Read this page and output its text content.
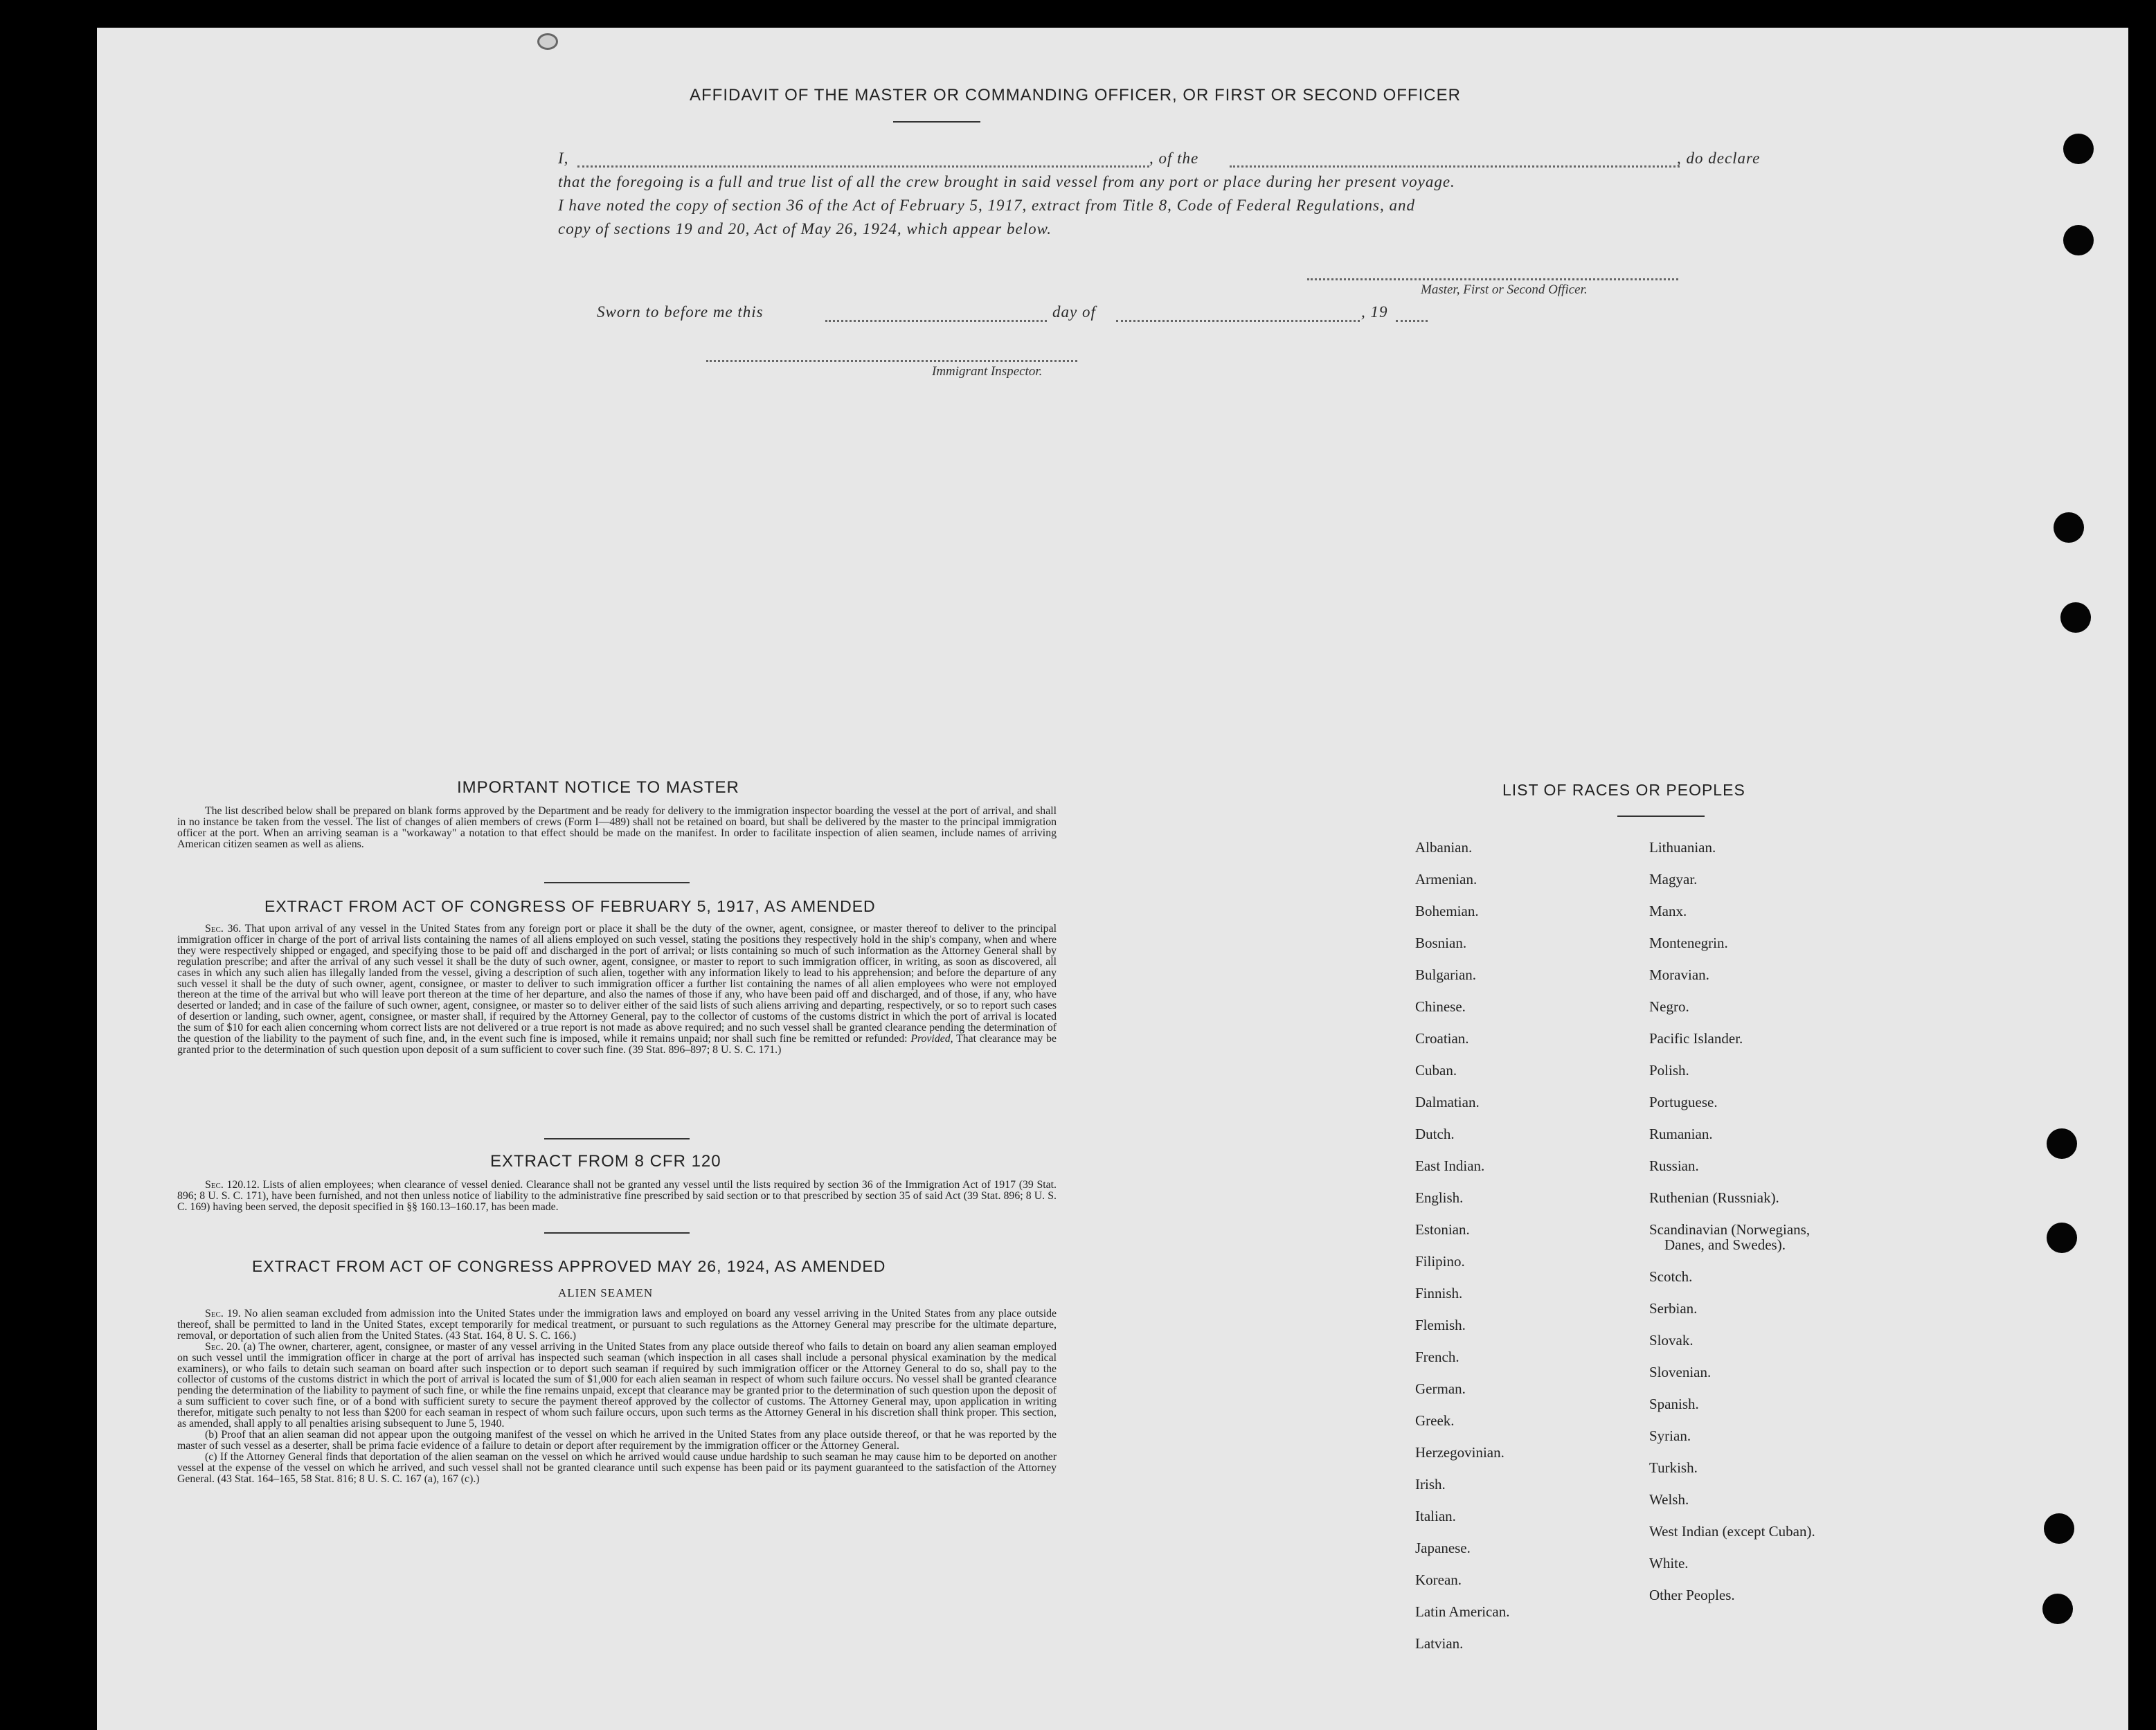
AFFIDAVIT OF THE MASTER OR COMMANDING OFFICER, OR FIRST OR SECOND OFFICER
I,	, of the	, do declare
that the foregoing is a full and true list of all the crew brought in said vessel from any port or place during her present voyage.
I have noted the copy of section 36 of the Act of February 5, 1917, extract from Title 8, Code of Federal Regulations, and
copy of sections 19 and 20, Act of May 26, 1924, which appear below.
Master, First or Second Officer.
Sworn to before me this	day of	, 19
Immigrant Inspector.
IMPORTANT NOTICE TO MASTER

The list described below shall be prepared on blank forms approved by the Department and be ready for delivery to the immigration inspector boarding the vessel at the port of arrival, and shall in no instance be taken from the vessel. The list of changes of alien members of crews (Form I—489) shall not be retained on board, but shall be delivered by the master to the principal immigration officer at the port. When an arriving seaman is a "workaway" a notation to that effect should be made on the manifest. In order to facilitate inspection of alien seamen, include names of arriving American citizen seamen as well as aliens.

EXTRACT FROM ACT OF CONGRESS OF FEBRUARY 5, 1917, AS AMENDED

Sec. 36. That upon arrival of any vessel in the United States from any foreign port or place it shall be the duty of the owner, agent, consignee, or master thereof to deliver to the principal immigration officer in charge of the port of arrival lists containing the names of all aliens employed on such vessel, stating the positions they respectively hold in the ship's company, when and where they were respectively shipped or engaged, and specifying those to be paid off and discharged in the port of arrival; or lists containing so much of such information as the Attorney General shall by regulation prescribe; and after the arrival of any such vessel it shall be the duty of such owner, agent, consignee, or master to report to such immigration officer, in writing, as soon as discovered, all cases in which any such alien has illegally landed from the vessel, giving a description of such alien, together with any information likely to lead to his apprehension; and before the departure of any such vessel it shall be the duty of such owner, agent, consignee, or master to deliver to such immigration officer a further list containing the names of all alien employees who were not employed thereon at the time of the arrival but who will leave port thereon at the time of her departure, and also the names of those if any, who have been paid off and discharged, and of those, if any, who have deserted or landed; and in case of the failure of such owner, agent, consignee, or master so to deliver either of the said lists of such aliens arriving and departing, respectively, or so to report such cases of desertion or landing, such owner, agent, consignee, or master shall, if required by the Attorney General, pay to the collector of customs of the customs district in which the port of arrival is located the sum of $10 for each alien concerning whom correct lists are not delivered or a true report is not made as above required; and no such vessel shall be granted clearance pending the determination of the question of the liability to the payment of such fine, and, in the event such fine is imposed, while it remains unpaid; nor shall such fine be remitted or refunded: Provided, That clearance may be granted prior to the determination of such question upon deposit of a sum sufficient to cover such fine. (39 Stat. 896–897; 8 U. S. C. 171.)

EXTRACT FROM 8 CFR 120

Sec. 120.12. Lists of alien employees; when clearance of vessel denied. Clearance shall not be granted any vessel until the lists required by section 36 of the Immigration Act of 1917 (39 Stat. 896; 8 U. S. C. 171), have been furnished, and not then unless notice of liability to the administrative fine prescribed by said section or to that prescribed by section 35 of said Act (39 Stat. 896; 8 U. S. C. 169) having been served, the deposit specified in §§ 160.13–160.17, has been made.

EXTRACT FROM ACT OF CONGRESS APPROVED MAY 26, 1924, AS AMENDED
ALIEN SEAMEN

Sec. 19. No alien seaman excluded from admission into the United States under the immigration laws and employed on board any vessel arriving in the United States from any place outside thereof, shall be permitted to land in the United States, except temporarily for medical treatment, or pursuant to such regulations as the Attorney General may prescribe for the ultimate departure, removal, or deportation of such alien from the United States. (43 Stat. 164, 8 U. S. C. 166.)

Sec. 20. (a) The owner, charterer, agent, consignee, or master of any vessel arriving in the United States from any place outside thereof who fails to detain on board any alien seaman employed on such vessel until the immigration officer in charge at the port of arrival has inspected such seaman (which inspection in all cases shall include a personal physical examination by the medical examiners), or who fails to detain such seaman on board after such inspection or to deport such seaman if required by such immigration officer or the Attorney General to do so, shall pay to the collector of customs of the customs district in which the port of arrival is located the sum of $1,000 for each alien seaman in respect of whom such failure occurs. No vessel shall be granted clearance pending the determination of the liability to payment of such fine, or while the fine remains unpaid, except that clearance may be granted prior to the determination of such question upon the deposit of a sum sufficient to cover such fine, or of a bond with sufficient surety to secure the payment thereof approved by the collector of customs. The Attorney General may, upon application in writing therefor, mitigate such penalty to not less than $200 for each seaman in respect of whom such failure occurs, upon such terms as the Attorney General in his discretion shall think proper. This section, as amended, shall apply to all penalties arising subsequent to June 5, 1940.

(b) Proof that an alien seaman did not appear upon the outgoing manifest of the vessel on which he arrived in the United States from any place outside thereof, or that he was reported by the master of such vessel as a deserter, shall be prima facie evidence of a failure to detain or deport after requirement by the immigration officer or the Attorney General.

(c) If the Attorney General finds that deportation of the alien seaman on the vessel on which he arrived would cause undue hardship to such seaman he may cause him to be deported on another vessel at the expense of the vessel on which he arrived, and such vessel shall not be granted clearance until such expense has been paid or its payment guaranteed to the satisfaction of the Attorney General. (43 Stat. 164–165, 58 Stat. 816; 8 U. S. C. 167 (a), 167 (c).)

LIST OF RACES OR PEOPLES
Albanian.
Armenian.
Bohemian.
Bosnian.
Bulgarian.
Chinese.
Croatian.
Cuban.
Dalmatian.
Dutch.
East Indian.
English.
Estonian.
Filipino.
Finnish.
Flemish.
French.
German.
Greek.
Herzegovinian.
Irish.
Italian.
Japanese.
Korean.
Latin American.
Latvian.
Lithuanian.
Magyar.
Manx.
Montenegrin.
Moravian.
Negro.
Pacific Islander.
Polish.
Portuguese.
Rumanian.
Russian.
Ruthenian (Russniak).
Scandinavian (Norwegians,
Danes, and Swedes).
Scotch.
Serbian.
Slovak.
Slovenian.
Spanish.
Syrian.
Turkish.
Welsh.
West Indian (except Cuban).
White.
Other Peoples.
